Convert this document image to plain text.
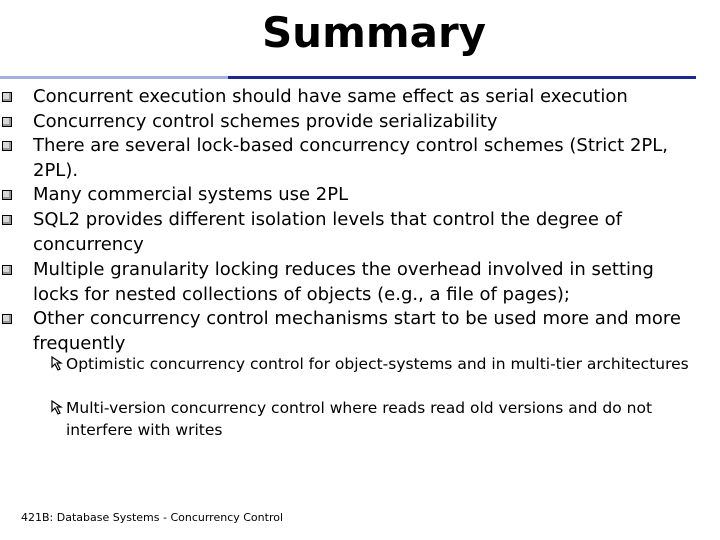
Summary
Concurrent execution should have same effect as serial execution
Concurrency control schemes provide serializability
There are several lock-based concurrency control schemes (Strict 2PL, 2PL).
Many commercial systems use 2PL
SQL2 provides different isolation levels that control the degree of concurrency
Multiple granularity locking reduces the overhead involved in setting locks for nested collections of objects (e.g., a file of pages);
Other concurrency control mechanisms start to be used more and more frequently
Optimistic concurrency control for object-systems and in multi-tier architectures
Multi-version concurrency control where reads read old versions and do not interfere with writes
421B: Database Systems - Concurrency Control
